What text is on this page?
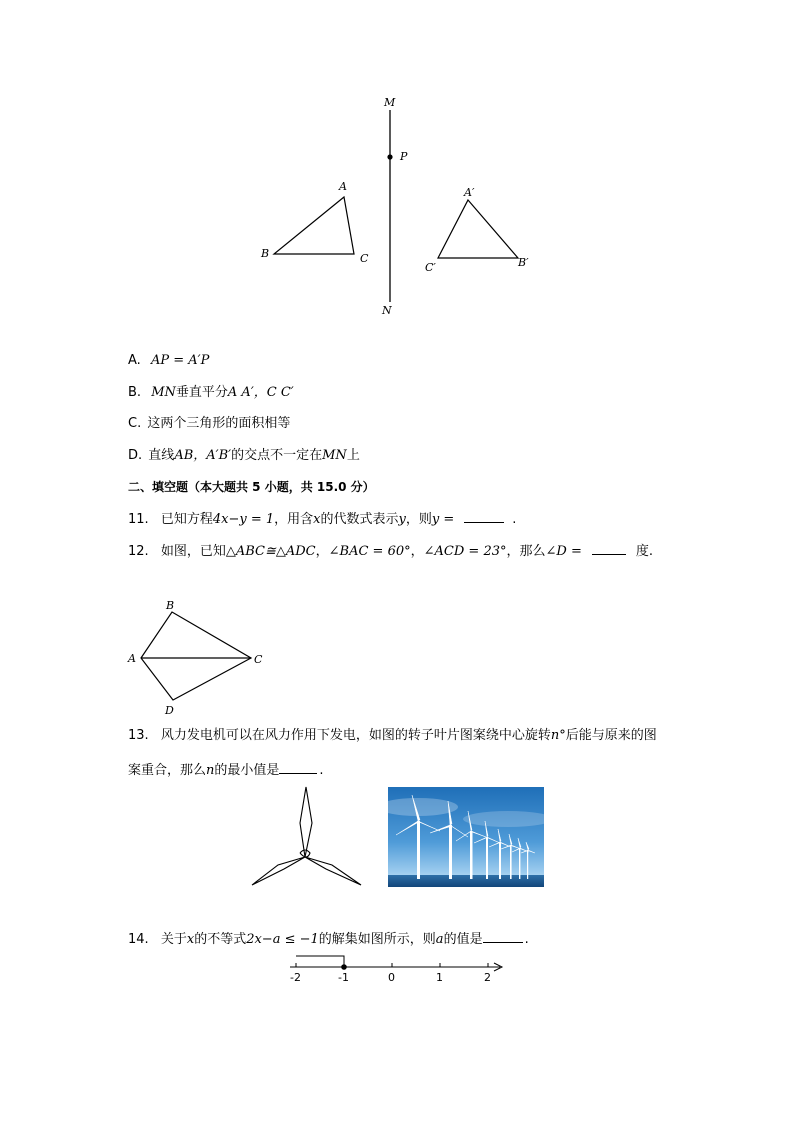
M
P
N
A
B	C
A′
B′
C′
A. AP = A′P
B. MN垂直平分A A′，C C′
C. 这两个三角形的面积相等
D. 直线AB，A′B′的交点不一定在MN上
二、填空题（本大题共 5 小题，共 15.0 分）
11. 已知方程4x−y = 1，用含x的代数式表示y，则y =	.
12. 如图，已知△ABC≅△ADC，∠BAC = 60°，∠ACD = 23°，那么∠D =	度.
B
A	C
D
13. 风力发电机可以在风力作用下发电，如图的转子叶片图案绕中心旋转n°后能与原来的图
案重合，那么n的最小值是	.
14. 关于x的不等式2x−a ≤ −1的解集如图所示，则a的值是	.
-2	-1	0	1	2
